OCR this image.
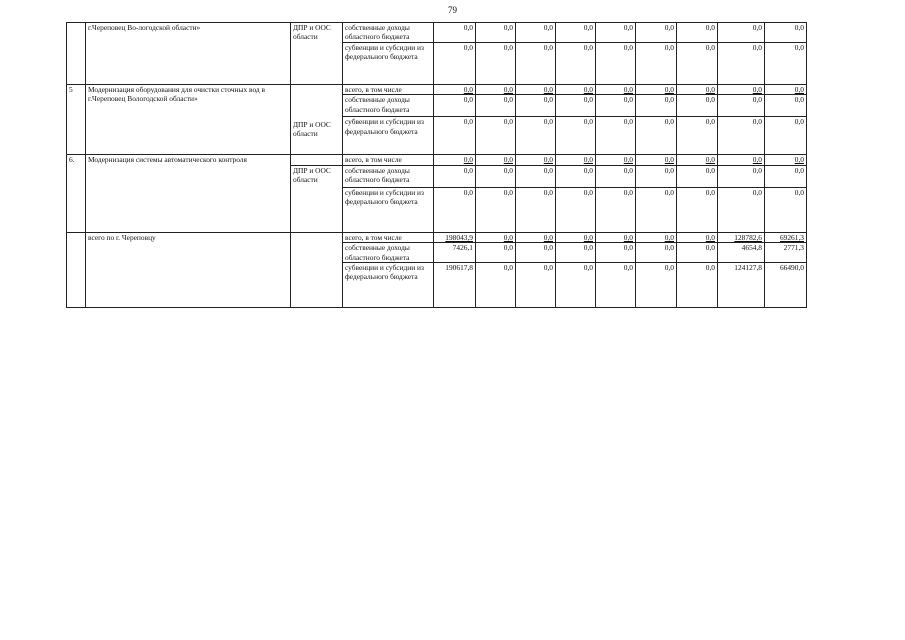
79
	г.Череповец Во-логодской области»	ДПР и ООС области	собственные доходы областного бюджета	0,0	0,0	0,0	0,0	0,0	0,0	0,0	0,0	0,0
			субвенции и субсидии из федерального бюджета	0,0	0,0	0,0	0,0	0,0	0,0	0,0	0,0	0,0
5	Модернизация оборудования для очистки сточных вод в г.Череповец Вологодской области»	ДПР и ООС области	всего, в том числе	0,0	0,0	0,0	0,0	0,0	0,0	0,0	0,0	0,0
			собственные доходы областного бюджета	0,0	0,0	0,0	0,0	0,0	0,0	0,0	0,0	0,0
			субвенции и субсидии из федерального бюджета	0,0	0,0	0,0	0,0	0,0	0,0	0,0	0,0	0,0
6.	Модернизация системы автоматического контроля		всего, в том числе	0,0	0,0	0,0	0,0	0,0	0,0	0,0	0,0	0,0
		ДПР и ООС области	собственные доходы областного бюджета	0,0	0,0	0,0	0,0	0,0	0,0	0,0	0,0	0,0
			субвенции и субсидии из федерального бюджета	0,0	0,0	0,0	0,0	0,0	0,0	0,0	0,0	0,0
	всего по г. Череповцу		всего, в том числе	198043,9	0,0	0,0	0,0	0,0	0,0	0,0	128782,6	69261,3
			собственные доходы областного бюджета	7426,1	0,0	0,0	0,0	0,0	0,0	0,0	4654,8	2771,3
			субвенции и субсидии из федерального бюджета	190617,8	0,0	0,0	0,0	0,0	0,0	0,0	124127,8	66490,0
